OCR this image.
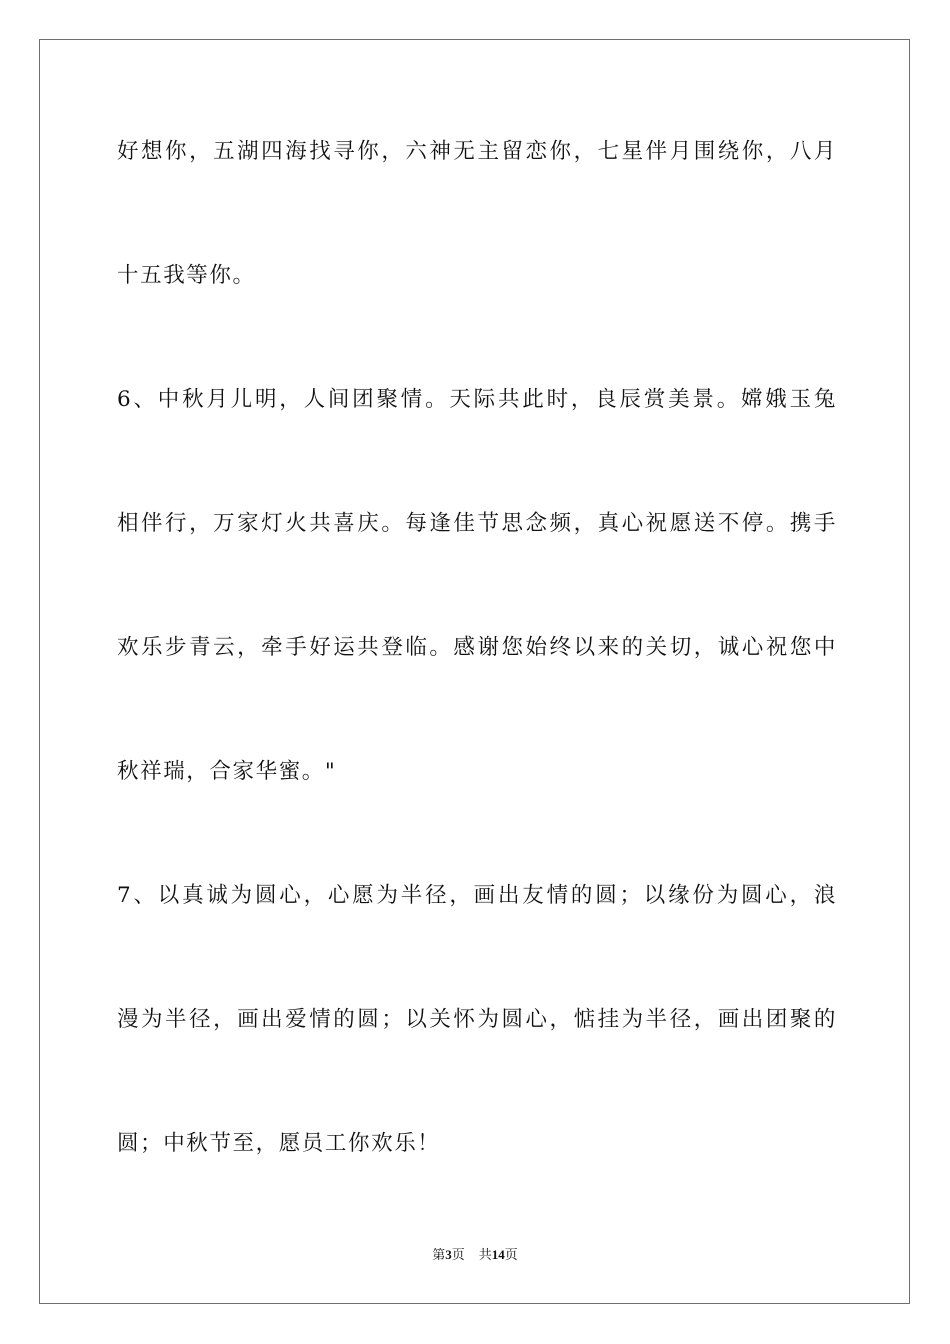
好想你，五湖四海找寻你，六神无主留恋你，七星伴月围绕你，八月
十五我等你。
6、中秋月儿明，人间团聚情。天际共此时，良辰赏美景。嫦娥玉兔
相伴行，万家灯火共喜庆。每逢佳节思念频，真心祝愿送不停。携手
欢乐步青云，牵手好运共登临。感谢您始终以来的关切，诚心祝您中
秋祥瑞，合家华蜜。"
7、以真诚为圆心，心愿为半径，画出友情的圆；以缘份为圆心，浪
漫为半径，画出爱情的圆；以关怀为圆心，惦挂为半径，画出团聚的
圆；中秋节至，愿员工你欢乐！
第3页 共14页
